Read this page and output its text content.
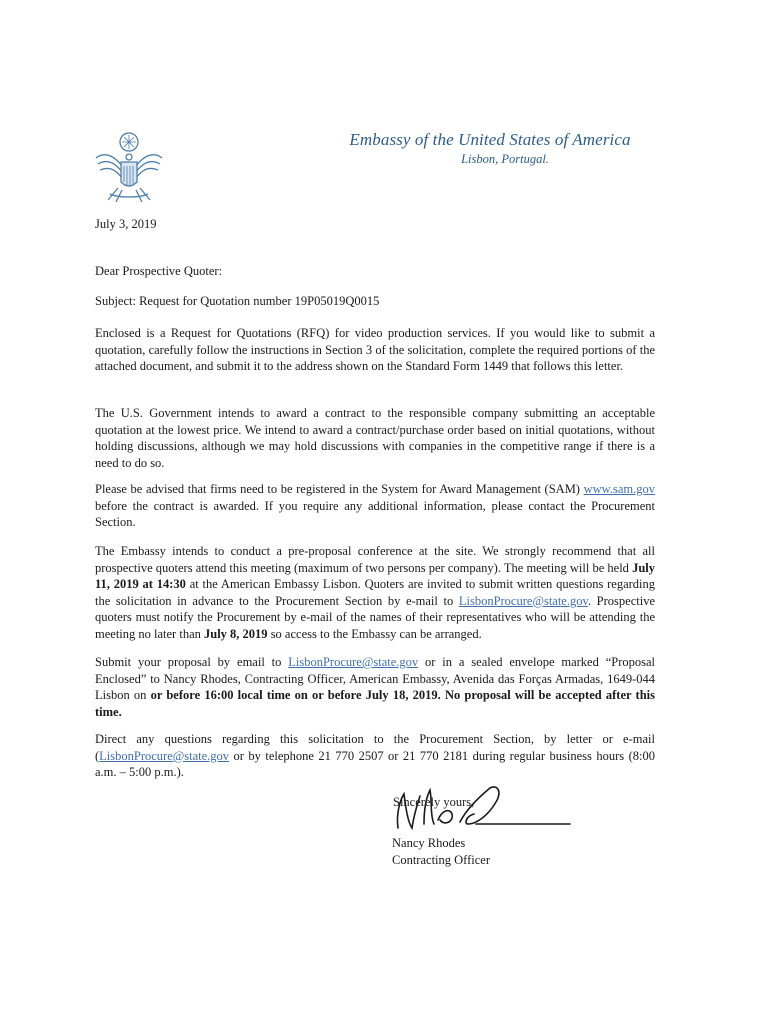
Embassy of the United States of America
Lisbon, Portugal.
July 3, 2019
Dear Prospective Quoter:
Subject: Request for Quotation number 19P05019Q0015
Enclosed is a Request for Quotations (RFQ) for video production services. If you would like to submit a quotation, carefully follow the instructions in Section 3 of the solicitation, complete the required portions of the attached document, and submit it to the address shown on the Standard Form 1449 that follows this letter.
The U.S. Government intends to award a contract to the responsible company submitting an acceptable quotation at the lowest price. We intend to award a contract/purchase order based on initial quotations, without holding discussions, although we may hold discussions with companies in the competitive range if there is a need to do so.
Please be advised that firms need to be registered in the System for Award Management (SAM) www.sam.gov before the contract is awarded. If you require any additional information, please contact the Procurement Section.
The Embassy intends to conduct a pre-proposal conference at the site. We strongly recommend that all prospective quoters attend this meeting (maximum of two persons per company). The meeting will be held July 11, 2019 at 14:30 at the American Embassy Lisbon. Quoters are invited to submit written questions regarding the solicitation in advance to the Procurement Section by e-mail to LisbonProcure@state.gov. Prospective quoters must notify the Procurement by e-mail of the names of their representatives who will be attending the meeting no later than July 8, 2019 so access to the Embassy can be arranged.
Submit your proposal by email to LisbonProcure@state.gov or in a sealed envelope marked “Proposal Enclosed” to Nancy Rhodes, Contracting Officer, American Embassy, Avenida das Forças Armadas, 1649-044 Lisbon on or before 16:00 local time on or before July 18, 2019. No proposal will be accepted after this time.
Direct any questions regarding this solicitation to the Procurement Section, by letter or e-mail (LisbonProcure@state.gov or by telephone 21 770 2507 or 21 770 2181 during regular business hours (8:00 a.m. – 5:00 p.m.).
Sincerely yours,
Nancy Rhodes
Contracting Officer
